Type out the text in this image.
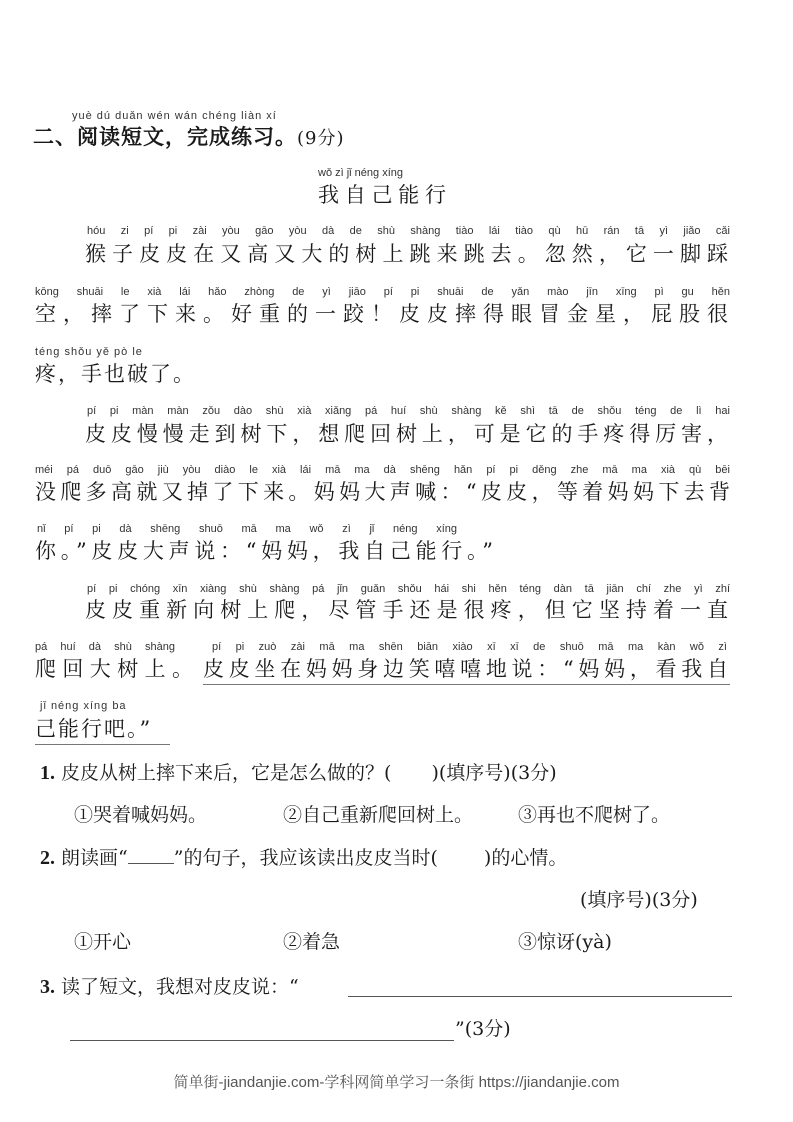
yuè dú duǎn wén wán chéng liàn xí
二、阅读短文，完成练习。(9分)
wǒ zì jǐ néng xíng
我自己能行
hóu zi pí pi zài yòu gāo yòu dà de shù shàng tiào lái tiào qù hū rán tā yì jiǎo cǎi
猴子皮皮在又高又大的树上跳来跳去。忽然，它一脚踩
kōng shuāi le xià lái hǎo zhòng de yì jiāo pí pi shuāi de yǎn mào jīn xīng pì gu hěn
空，摔了下来。好重的一跤！皮皮摔得眼冒金星，屁股很
téng shǒu yě pò le
疼，手也破了。
pí pi màn màn zǒu dào shù xià xiǎng pá huí shù shàng kě shì tā de shǒu téng de lì hai
皮皮慢慢走到树下，想爬回树上，可是它的手疼得厉害，
méi pá duō gāo jiù yòu diào le xià lái mā ma dà shēng hǎn pí pi děng zhe mā ma xià qù bēi
没爬多高就又掉了下来。妈妈大声喊：“皮皮，等着妈妈下去背
nǐ pí pi dà shēng shuō mā ma wǒ zì jǐ néng xíng
你。”皮皮大声说：“妈妈，我自己能行。”
pí pi chóng xīn xiàng shù shàng pá jǐn guǎn shǒu hái shi hěn téng dàn tā jiān chí zhe yì zhí
皮皮重新向树上爬，尽管手还是很疼，但它坚持着一直
pá huí dà shù shàng
爬回大树上。
pí pi zuò zài mā ma shēn biān xiào xī xī de shuō mā ma kàn wǒ zì
皮皮坐在妈妈身边笑嘻嘻地说：“妈妈，看我自
jǐ néng xíng ba
己能行吧。”
1. 皮皮从树上摔下来后，它是怎么做的？( )(填序号)(3分)
①哭着喊妈妈。	②自己重新爬回树上。 ③再也不爬树了。
2. 朗读画“ ”的句子，我应该读出皮皮当时( )的心情。
(填序号)(3分)
①开心	②着急	③惊讶(yà)
3. 读了短文，我想对皮皮说：“
”(3分)
简单街-jiandanjie.com-学科网简单学习一条街 https://jiandanjie.com
